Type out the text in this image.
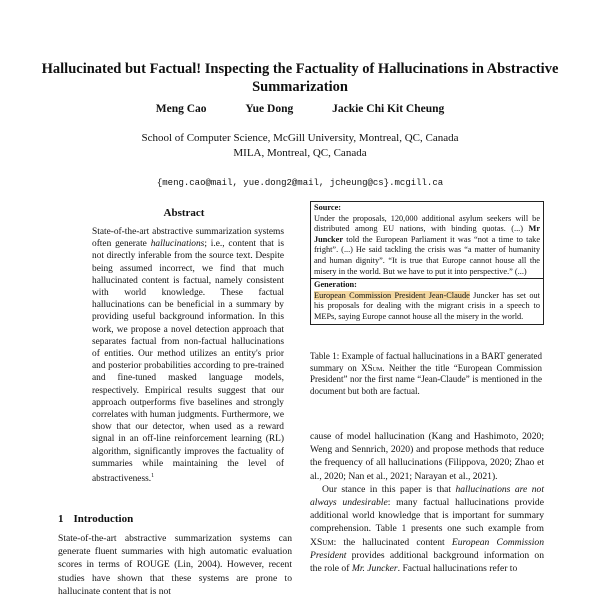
Hallucinated but Factual! Inspecting the Factuality of Hallucinations in Abstractive Summarization
Meng Cao	Yue Dong	Jackie Chi Kit Cheung
School of Computer Science, McGill University, Montreal, QC, Canada
MILA, Montreal, QC, Canada
{meng.cao@mail, yue.dong2@mail, jcheung@cs}.mcgill.ca
Abstract
State-of-the-art abstractive summarization systems often generate hallucinations; i.e., content that is not directly inferable from the source text. Despite being assumed incorrect, we find that much hallucinated content is factual, namely consistent with world knowledge. These factual hallucinations can be beneficial in a summary by providing useful background information. In this work, we propose a novel detection approach that separates factual from non-factual hallucinations of entities. Our method utilizes an entity's prior and posterior probabilities according to pre-trained and fine-tuned masked language models, respectively. Empirical results suggest that our approach outperforms five baselines and strongly correlates with human judgments. Furthermore, we show that our detector, when used as a reward signal in an off-line reinforcement learning (RL) algorithm, significantly improves the factuality of summaries while maintaining the level of abstractiveness.$^1$
1 Introduction
State-of-the-art abstractive summarization systems can generate fluent summaries with high automatic evaluation scores in terms of ROUGE (Lin, 2004). However, recent studies have shown that these systems are prone to hallucinate content that is not
Source:
Under the proposals, 120,000 additional asylum seekers will be distributed among EU nations, with binding quotas. (...) Mr Juncker told the European Parliament it was “not a time to take fright”. (...) He said tackling the crisis was “a matter of humanity and human dignity”. “It is true that Europe cannot house all the misery in the world. But we have to put it into perspective.” (...)
Generation:
European Commission President Jean-Claude Juncker has set out his proposals for dealing with the migrant crisis in a speech to MEPs, saying Europe cannot house all the misery in the world.
Table 1: Example of factual hallucinations in a BART generated summary on XSum. Neither the title “European Commission President” nor the first name “Jean-Claude” is mentioned in the document but both are factual.

cause of model hallucination (Kang and Hashimoto, 2020; Weng and Sennrich, 2020) and propose methods that reduce the frequency of all hallucinations (Filippova, 2020; Zhao et al., 2020; Nan et al., 2021; Narayan et al., 2021).

Our stance in this paper is that hallucinations are not always undesirable: many factual hallucinations provide additional world knowledge that is important for summary comprehension. Table 1 presents one such example from XSum: the hallucinated content European Commission President provides additional background information on the role of Mr. Juncker. Factual hallucinations refer to
